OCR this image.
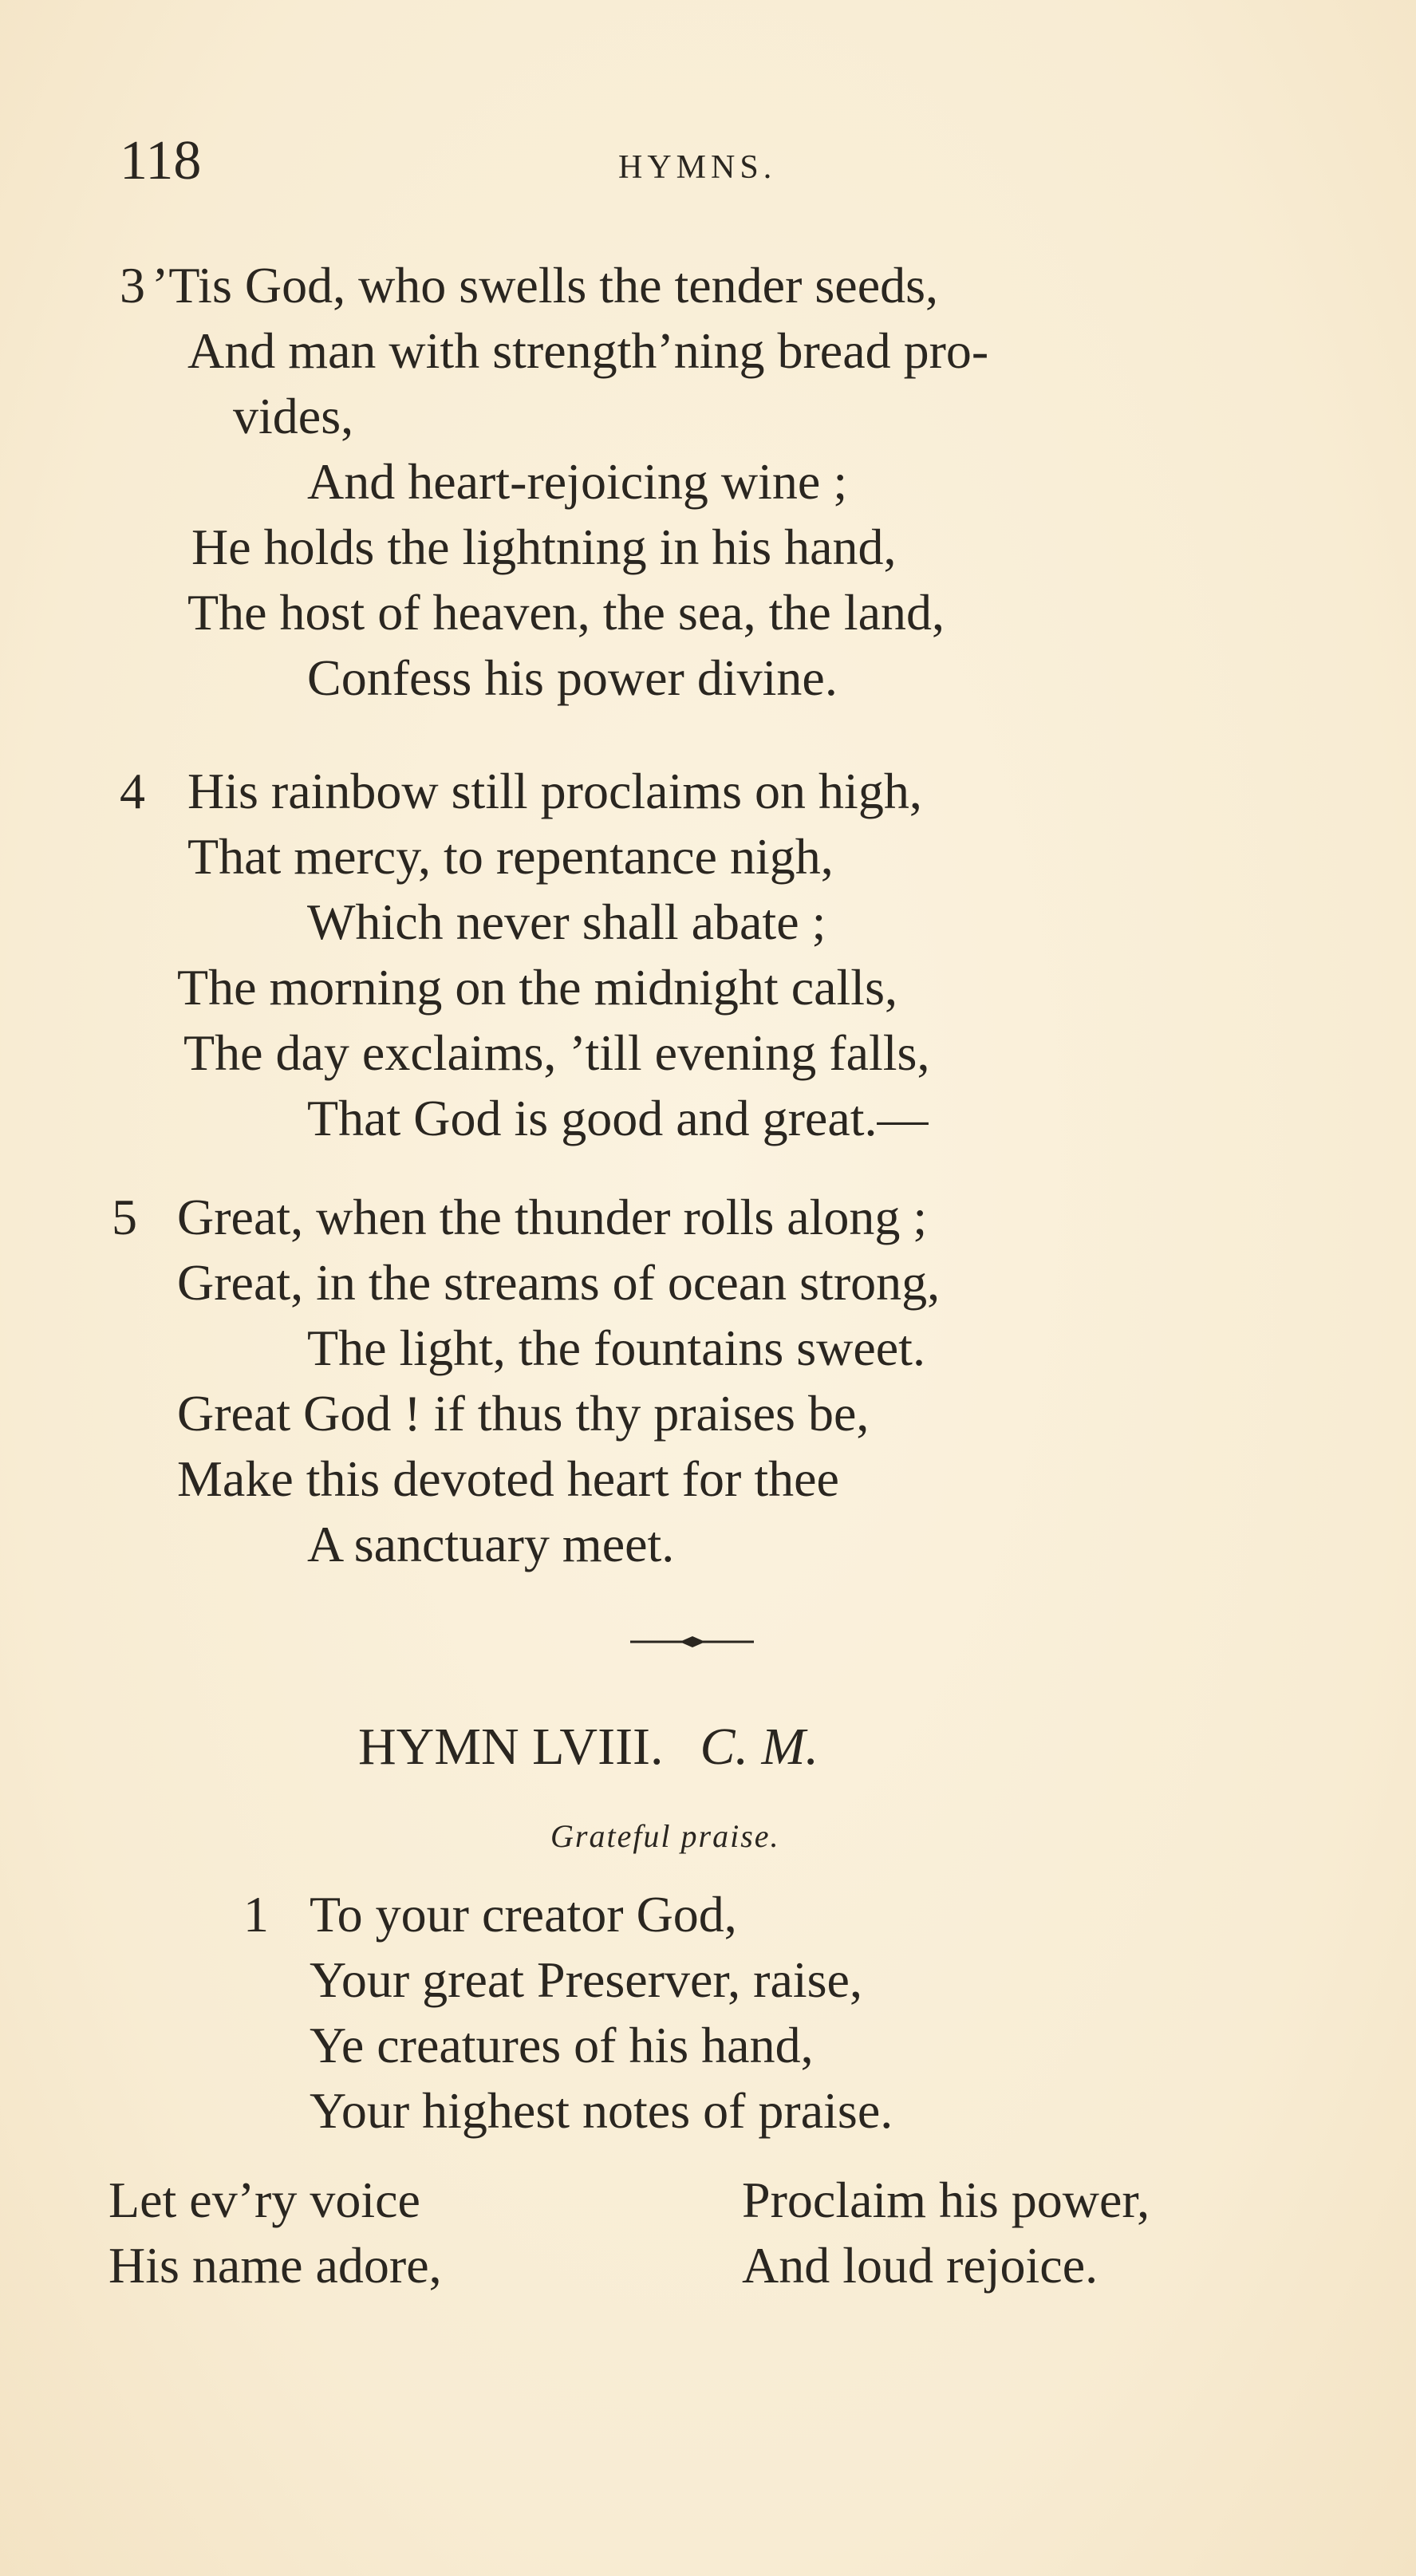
118	HYMNS.
3 ’Tis God, who swells the tender seeds,
And man with strength’ning bread pro-
vides,
And heart-rejoicing wine ;
He holds the lightning in his hand,
The host of heaven, the sea, the land,
Confess his power divine.
4 His rainbow still proclaims on high,
That mercy, to repentance nigh,
Which never shall abate ;
The morning on the midnight calls,
The day exclaims, ’till evening falls,
That God is good and great.—
5 Great, when the thunder rolls along ;
Great, in the streams of ocean strong,
The light, the fountains sweet.
Great God ! if thus thy praises be,
Make this devoted heart for thee
A sanctuary meet.
HYMN LVIII. C. M.
Grateful praise.
1 To your creator God,
Your great Preserver, raise,
Ye creatures of his hand,
Your highest notes of praise.
Let ev’ry voice
His name adore,
Proclaim his power,
And loud rejoice.
